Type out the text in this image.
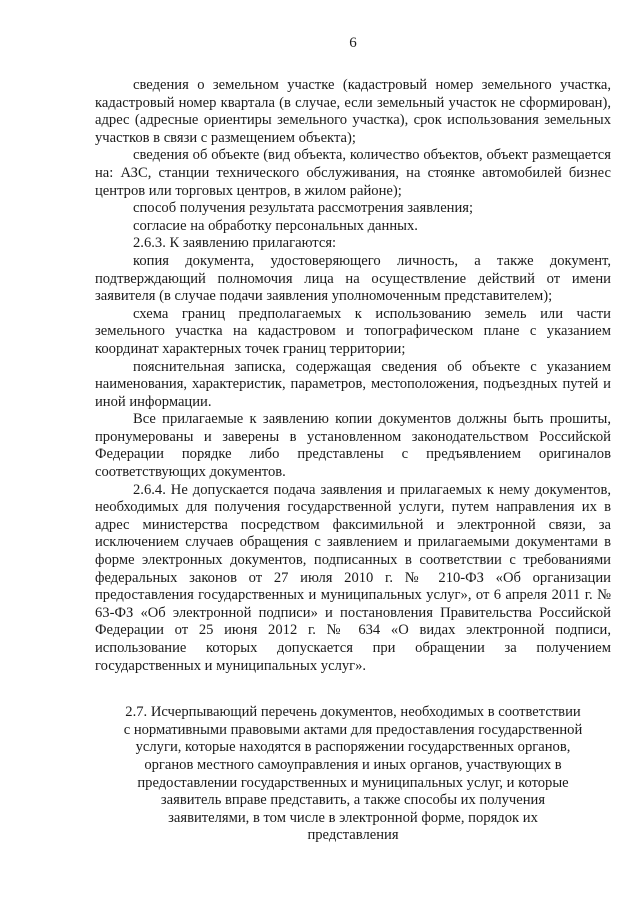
6

сведения о земельном участке (кадастровый номер земельного участка, кадастровый номер квартала (в случае, если земельный участок не сформирован), адрес (адресные ориентиры земельного участка), срок использования земельных участков в связи с размещением объекта);

сведения об объекте (вид объекта, количество объектов, объект размещается на: АЗС, станции технического обслуживания, на стоянке автомобилей бизнес центров или торговых центров, в жилом районе);

способ получения результата рассмотрения заявления;

согласие на обработку персональных данных.

2.6.3. К заявлению прилагаются:

копия документа, удостоверяющего личность, а также документ, подтверждающий полномочия лица на осуществление действий от имени заявителя (в случае подачи заявления уполномоченным представителем);

схема границ предполагаемых к использованию земель или части земельного участка на кадастровом и топографическом плане с указанием координат характерных точек границ территории;

пояснительная записка, содержащая сведения об объекте с указанием наименования, характеристик, параметров, местоположения, подъездных путей и иной информации.

Все прилагаемые к заявлению копии документов должны быть прошиты, пронумерованы и заверены в установленном законодательством Российской Федерации порядке либо представлены с предъявлением оригиналов соответствующих документов.

2.6.4. Не допускается подача заявления и прилагаемых к нему документов, необходимых для получения государственной услуги, путем направления их в адрес министерства посредством факсимильной и электронной связи, за исключением случаев обращения с заявлением и прилагаемыми документами в форме электронных документов, подписанных в соответствии с требованиями федеральных законов от 27 июля 2010 г. № 210-ФЗ «Об организации предоставления государственных и муниципальных услуг», от 6 апреля 2011 г. № 63-ФЗ «Об электронной подписи» и постановления Правительства Российской Федерации от 25 июня 2012 г. № 634 «О видах электронной подписи, использование которых допускается при обращении за получением государственных и муниципальных услуг».

2.7. Исчерпывающий перечень документов, необходимых в соответствии с нормативными правовыми актами для предоставления государственной услуги, которые находятся в распоряжении государственных органов, органов местного самоуправления и иных органов, участвующих в предоставлении государственных и муниципальных услуг, и которые заявитель вправе представить, а также способы их получения заявителями, в том числе в электронной форме, порядок их представления
